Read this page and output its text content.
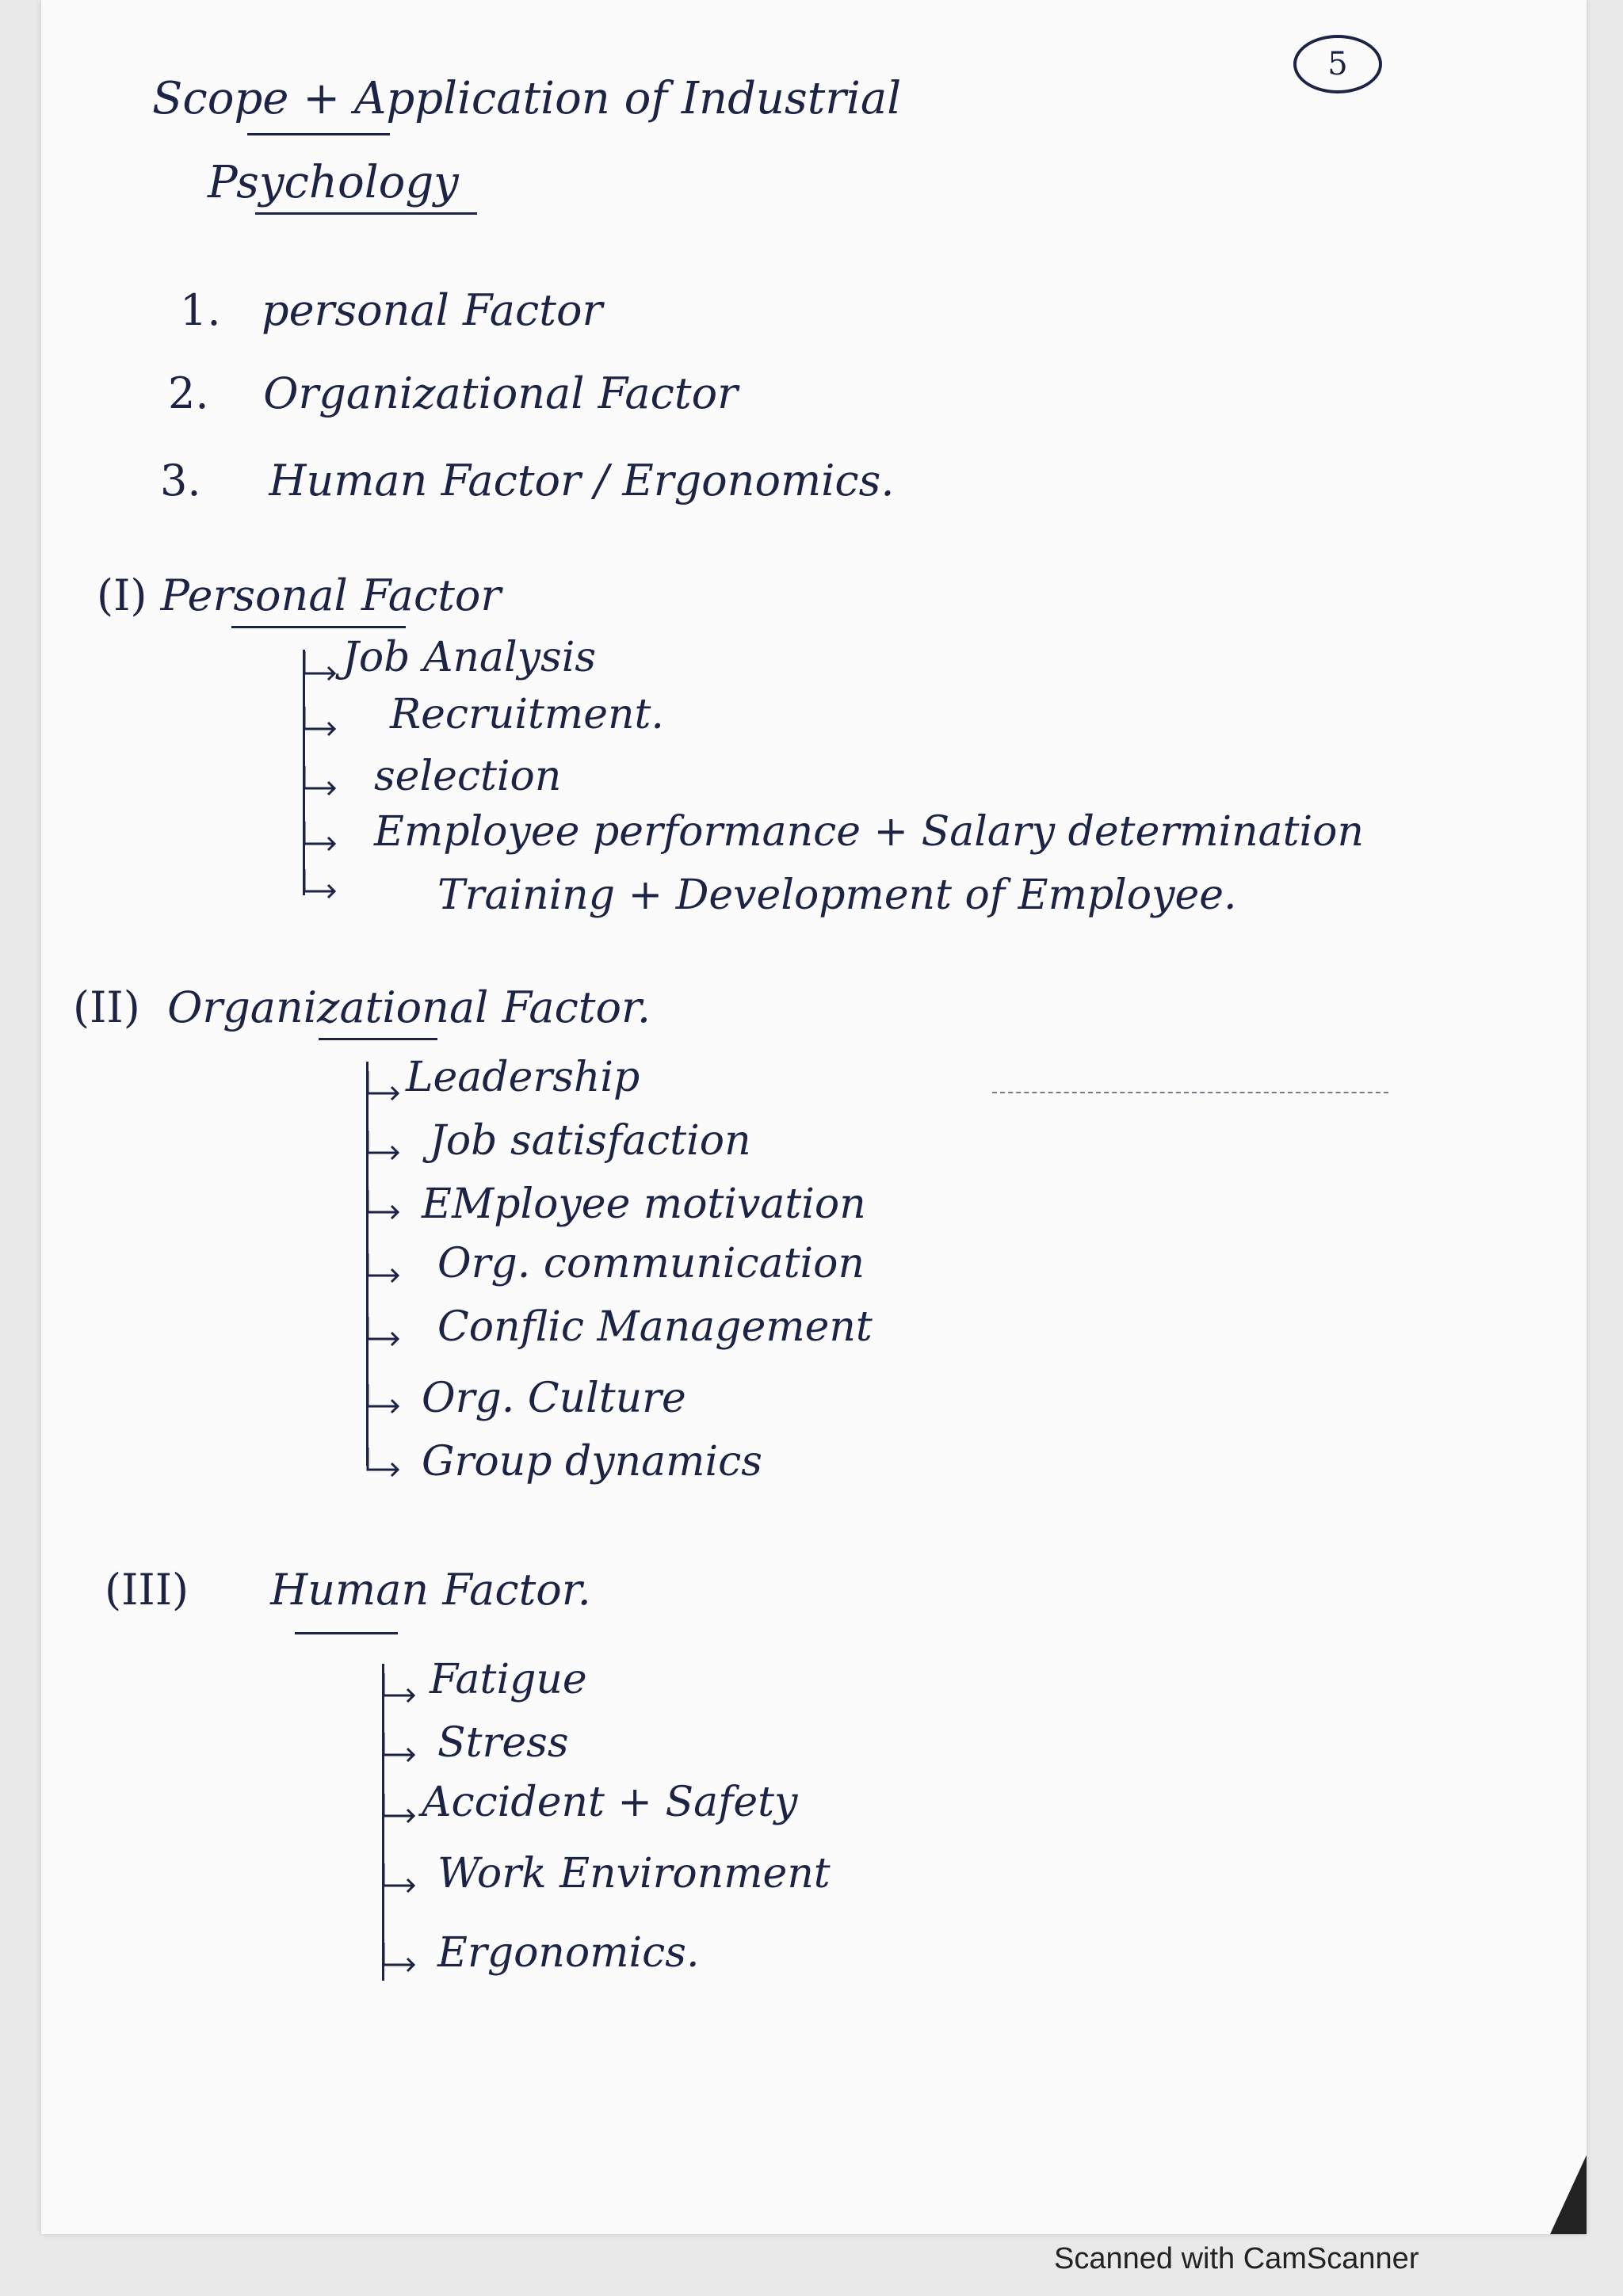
5
Scope + Application of Industrial
Psychology
1. personal Factor
2. Organizational Factor
3. Human Factor / Ergonomics.
(I) Personal Factor
Job Analysis
Recruitment.
selection
Employee performance + Salary determination
Training + Development of Employee.
(II) Organizational Factor.
Leadership
Job satisfaction
EMployee motivation
Org. communication
Conflic Management
Org. Culture
Group dynamics
(III) Human Factor.
Fatigue
Stress
Accident + Safety
Work Environment
Ergonomics.
Scanned with CamScanner
